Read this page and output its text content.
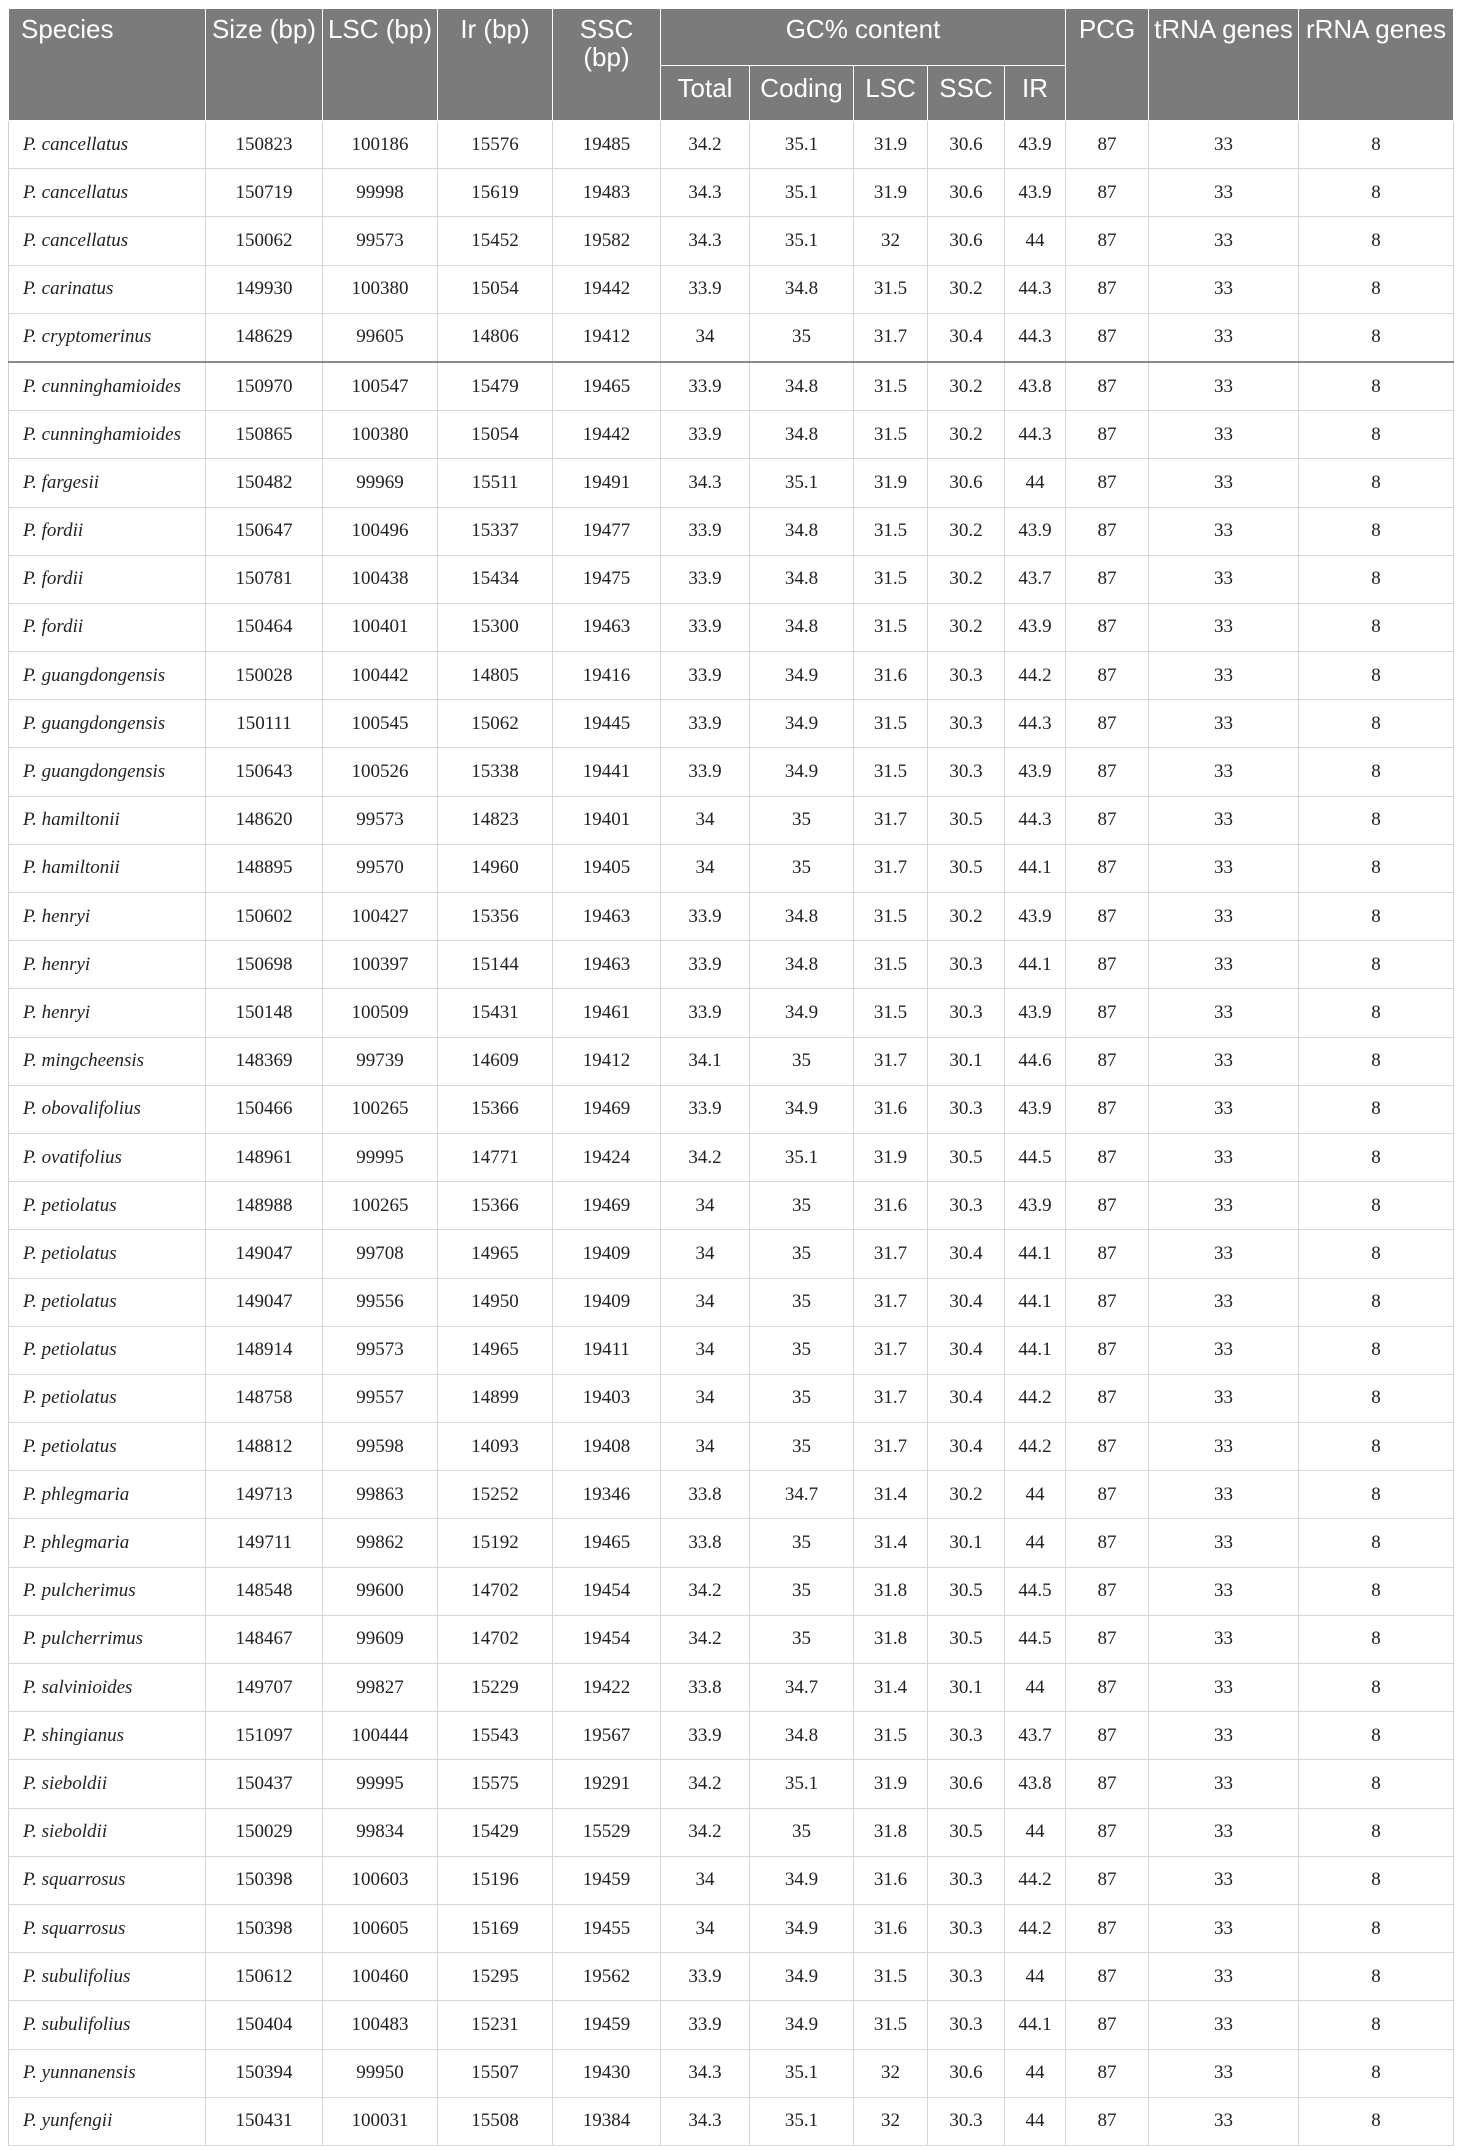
Species	Size (bp)	LSC (bp)	Ir (bp)	SSC (bp)	GC% content					PCG	tRNA genes	rRNA genes
					Total	Coding	LSC	SSC	IR			
P. cancellatus	150823	100186	15576	19485	34.2	35.1	31.9	30.6	43.9	87	33	8
P. cancellatus	150719	99998	15619	19483	34.3	35.1	31.9	30.6	43.9	87	33	8
P. cancellatus	150062	99573	15452	19582	34.3	35.1	32	30.6	44	87	33	8
P. carinatus	149930	100380	15054	19442	33.9	34.8	31.5	30.2	44.3	87	33	8
P. cryptomerinus	148629	99605	14806	19412	34	35	31.7	30.4	44.3	87	33	8
P. cunninghamioides	150970	100547	15479	19465	33.9	34.8	31.5	30.2	43.8	87	33	8
P. cunninghamioides	150865	100380	15054	19442	33.9	34.8	31.5	30.2	44.3	87	33	8
P. fargesii	150482	99969	15511	19491	34.3	35.1	31.9	30.6	44	87	33	8
P. fordii	150647	100496	15337	19477	33.9	34.8	31.5	30.2	43.9	87	33	8
P. fordii	150781	100438	15434	19475	33.9	34.8	31.5	30.2	43.7	87	33	8
P. fordii	150464	100401	15300	19463	33.9	34.8	31.5	30.2	43.9	87	33	8
P. guangdongensis	150028	100442	14805	19416	33.9	34.9	31.6	30.3	44.2	87	33	8
P. guangdongensis	150111	100545	15062	19445	33.9	34.9	31.5	30.3	44.3	87	33	8
P. guangdongensis	150643	100526	15338	19441	33.9	34.9	31.5	30.3	43.9	87	33	8
P. hamiltonii	148620	99573	14823	19401	34	35	31.7	30.5	44.3	87	33	8
P. hamiltonii	148895	99570	14960	19405	34	35	31.7	30.5	44.1	87	33	8
P. henryi	150602	100427	15356	19463	33.9	34.8	31.5	30.2	43.9	87	33	8
P. henryi	150698	100397	15144	19463	33.9	34.8	31.5	30.3	44.1	87	33	8
P. henryi	150148	100509	15431	19461	33.9	34.9	31.5	30.3	43.9	87	33	8
P. mingcheensis	148369	99739	14609	19412	34.1	35	31.7	30.1	44.6	87	33	8
P. obovalifolius	150466	100265	15366	19469	33.9	34.9	31.6	30.3	43.9	87	33	8
P. ovatifolius	148961	99995	14771	19424	34.2	35.1	31.9	30.5	44.5	87	33	8
P. petiolatus	148988	100265	15366	19469	34	35	31.6	30.3	43.9	87	33	8
P. petiolatus	149047	99708	14965	19409	34	35	31.7	30.4	44.1	87	33	8
P. petiolatus	149047	99556	14950	19409	34	35	31.7	30.4	44.1	87	33	8
P. petiolatus	148914	99573	14965	19411	34	35	31.7	30.4	44.1	87	33	8
P. petiolatus	148758	99557	14899	19403	34	35	31.7	30.4	44.2	87	33	8
P. petiolatus	148812	99598	14093	19408	34	35	31.7	30.4	44.2	87	33	8
P. phlegmaria	149713	99863	15252	19346	33.8	34.7	31.4	30.2	44	87	33	8
P. phlegmaria	149711	99862	15192	19465	33.8	35	31.4	30.1	44	87	33	8
P. pulcherimus	148548	99600	14702	19454	34.2	35	31.8	30.5	44.5	87	33	8
P. pulcherrimus	148467	99609	14702	19454	34.2	35	31.8	30.5	44.5	87	33	8
P. salvinioides	149707	99827	15229	19422	33.8	34.7	31.4	30.1	44	87	33	8
P. shingianus	151097	100444	15543	19567	33.9	34.8	31.5	30.3	43.7	87	33	8
P. sieboldii	150437	99995	15575	19291	34.2	35.1	31.9	30.6	43.8	87	33	8
P. sieboldii	150029	99834	15429	15529	34.2	35	31.8	30.5	44	87	33	8
P. squarrosus	150398	100603	15196	19459	34	34.9	31.6	30.3	44.2	87	33	8
P. squarrosus	150398	100605	15169	19455	34	34.9	31.6	30.3	44.2	87	33	8
P. subulifolius	150612	100460	15295	19562	33.9	34.9	31.5	30.3	44	87	33	8
P. subulifolius	150404	100483	15231	19459	33.9	34.9	31.5	30.3	44.1	87	33	8
P. yunnanensis	150394	99950	15507	19430	34.3	35.1	32	30.6	44	87	33	8
P. yunfengii	150431	100031	15508	19384	34.3	35.1	32	30.3	44	87	33	8
